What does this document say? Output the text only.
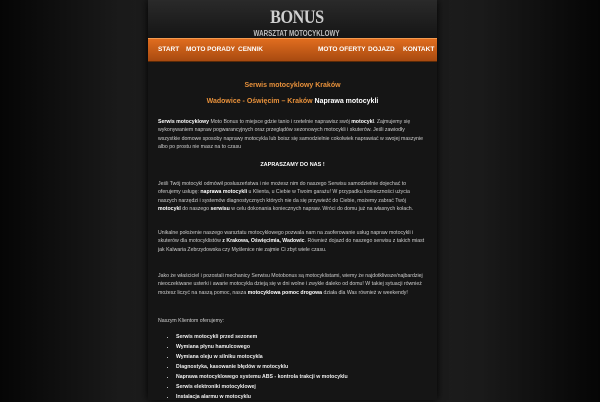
BONUS
WARSZTAT MOTOCYKLOWY
START MOTO PORADY CENNIK	MOTO OFERTY DOJAZD KONTAKT
Serwis motocyklowy Kraków
Wadowice - Oświęcim – Kraków Naprawa motocykli
Serwis motocyklowy Moto Bonus to miejsce gdzie tanio i rzetelnie naprawisz swój motocykl. Zajmujemy się wykonywaniem napraw pogwarancyjnych oraz przeglądów sezonowych motocykli i skuterów. Jeśli zawiodły wszystkie domowe sposoby naprawy motocykla lub boisz się samodzielnie cokolwiek naprawiać w swojej maszynie albo po prostu nie masz na to czasu
ZAPRASZAMY DO NAS !
Jeśli Twój motocykl odmówił posłuszeństwa i nie możesz nim do naszego Serwisu samodzielnie dojechać to oferujemy usługę: naprawa motocykli u Klienta, u Ciebie w Twoim garażu! W przypadku konieczności użycia naszych narzędzi i systemów diagnostycznych których nie da się przywieźć do Ciebie, możemy zabrać Twój motocykl do naszego serwisu w celu dokonania koniecznych napraw. Wróci do domu już na własnych kołach.
Unikalne położenie naszego warsztatu motocyklowego pozwala nam na zaoferowanie usług napraw motocykli i skuterów dla motocyklistów z Krakowa, Oświęcimia, Wadowic. Również dojazd do naszego serwisu z takich miast jak Kalwaria Zebrzydowska czy Myślenice nie zajmie Ci zbyt wiele czasu.
Jako że właściciel i pozostali mechanicy Serwisu Motobonus są motocyklistami, wiemy że najdotkliwsze/najbardziej nieoczekiwane usterki i awarie motocykla dzieją się w dni wolne i zwykle daleko od domu! W takiej sytuacji również możesz liczyć na naszą pomoc, nasza motocyklowa pomoc drogowa działa dla Was również w weekendy!
Naszym Klientom oferujemy:
• Serwis motocykli przed sezonem
• Wymiana płynu hamulcowego
• Wymiana oleju w silniku motocykla
• Diagnostyka, kasowanie błędów w motocyklu
• Naprawa motocyklowego systemu ABS - kontrola trakcji w motocyklu
• Serwis elektroniki motocyklowej
• Instalacja alarmu w motocyklu
